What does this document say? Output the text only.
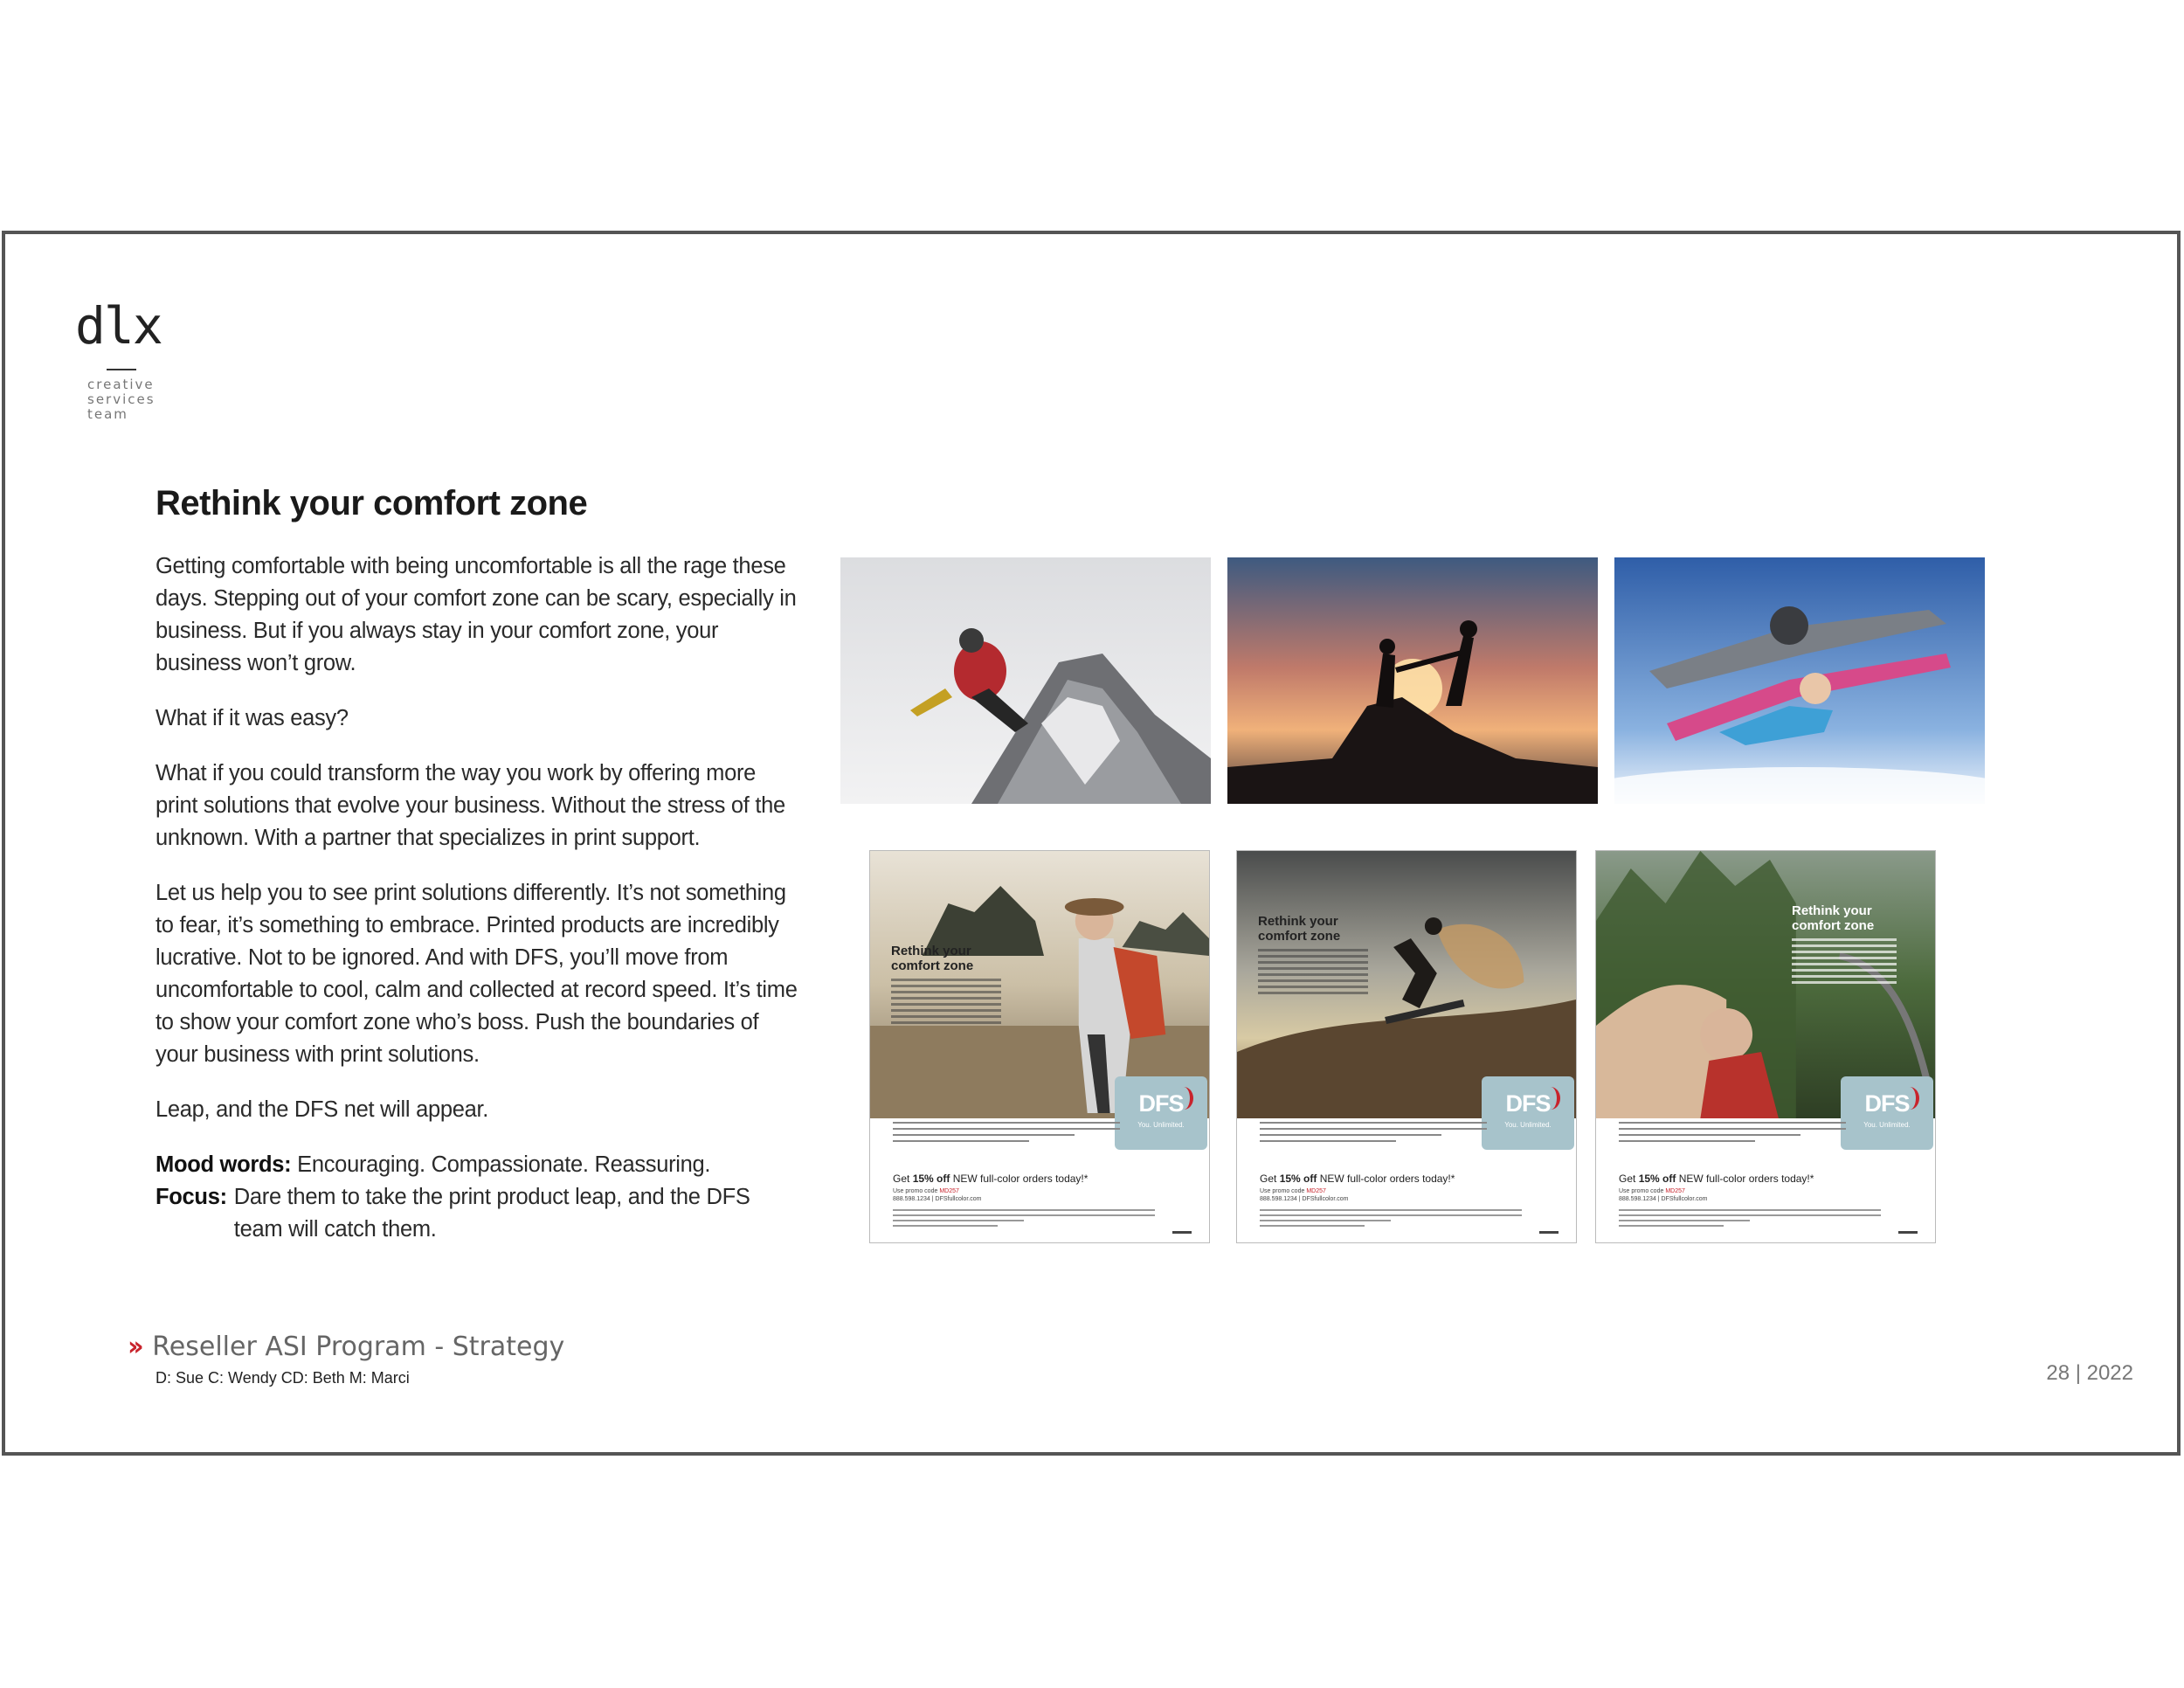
dlx
creative
services
team
Rethink your comfort zone

Getting comfortable with being uncomfortable is all the rage these days. Stepping out of your comfort zone can be scary, especially in business. But if you always stay in your comfort zone, your business won’t grow.

What if it was easy?

What if you could transform the way you work by offering more print solutions that evolve your business. Without the stress of the unknown. With a partner that specializes in print support.

Let us help you to see print solutions differently. It’s not something to fear, it’s something to embrace. Printed products are incredibly lucrative. Not to be ignored. And with DFS, you’ll move from uncomfortable to cool, calm and collected at record speed. It’s time to show your comfort zone who’s boss. Push the boundaries of your business with print solutions.

Leap, and the DFS net will appear.

Mood words: Encouraging. Compassionate. Reassuring.
Focus: Dare them to take the print product leap, and the DFS team will catch them.
Rethink your
comfort zone
DFS
You. Unlimited.
Get 15% off NEW full-color orders today!*
Use promo code MD257
888.598.1234 | DFSfullcolor.com
Rethink your
comfort zone
DFS
You. Unlimited.
Get 15% off NEW full-color orders today!*
Use promo code MD257
888.598.1234 | DFSfullcolor.com
Rethink your
comfort zone
DFS
You. Unlimited.
Get 15% off NEW full-color orders today!*
Use promo code MD257
888.598.1234 | DFSfullcolor.com
›› Reseller ASI Program - Strategy
D: Sue C: Wendy CD: Beth M: Marci	28 | 2022
